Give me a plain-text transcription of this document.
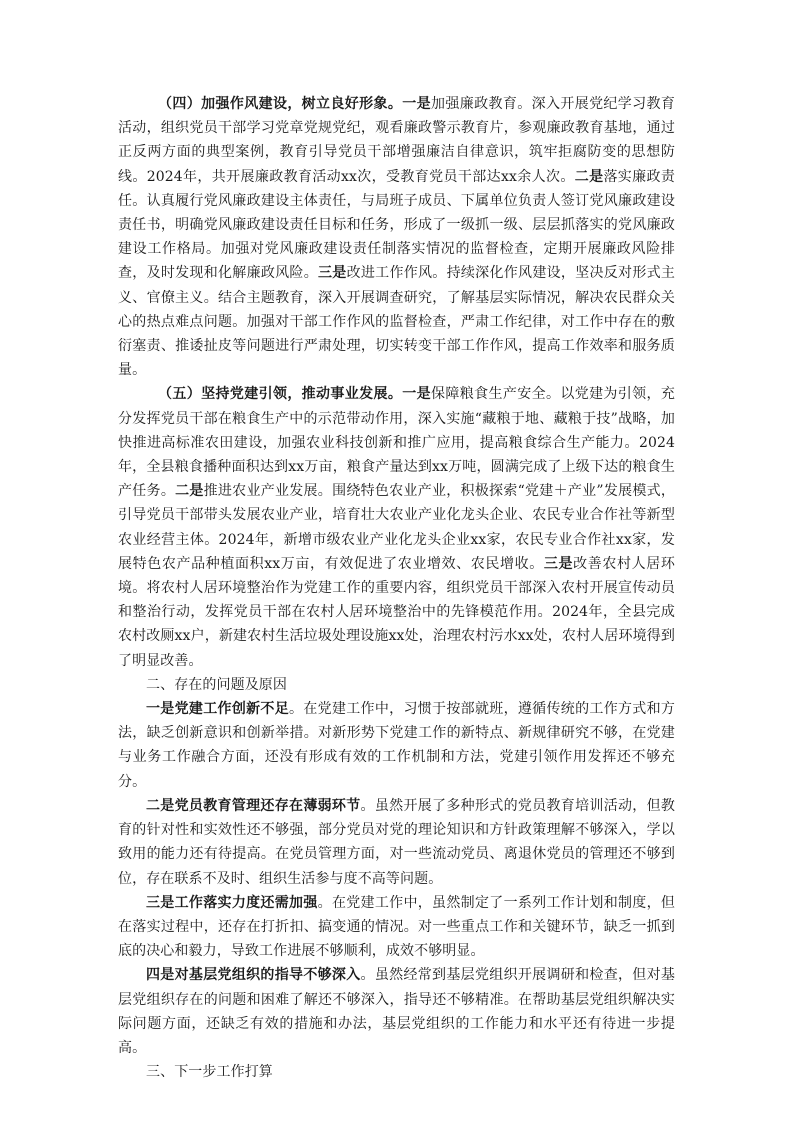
（四）加强作风建设，树立良好形象。一是加强廉政教育。深入开展党纪学习教育活动，组织党员干部学习党章党规党纪，观看廉政警示教育片，参观廉政教育基地，通过正反两方面的典型案例，教育引导党员干部增强廉洁自律意识，筑牢拒腐防变的思想防线。2024年，共开展廉政教育活动xx次，受教育党员干部达xx余人次。二是落实廉政责任。认真履行党风廉政建设主体责任，与局班子成员、下属单位负责人签订党风廉政建设责任书，明确党风廉政建设责任目标和任务，形成了一级抓一级、层层抓落实的党风廉政建设工作格局。加强对党风廉政建设责任制落实情况的监督检查，定期开展廉政风险排查，及时发现和化解廉政风险。三是改进工作作风。持续深化作风建设，坚决反对形式主义、官僚主义。结合主题教育，深入开展调查研究，了解基层实际情况，解决农民群众关心的热点难点问题。加强对干部工作作风的监督检查，严肃工作纪律，对工作中存在的敷衍塞责、推诿扯皮等问题进行严肃处理，切实转变干部工作作风，提高工作效率和服务质量。

（五）坚持党建引领，推动事业发展。一是保障粮食生产安全。以党建为引领，充分发挥党员干部在粮食生产中的示范带动作用，深入实施“藏粮于地、藏粮于技”战略，加快推进高标准农田建设，加强农业科技创新和推广应用，提高粮食综合生产能力。2024年，全县粮食播种面积达到xx万亩，粮食产量达到xx万吨，圆满完成了上级下达的粮食生产任务。二是推进农业产业发展。围绕特色农业产业，积极探索“党建＋产业”发展模式，引导党员干部带头发展农业产业，培育壮大农业产业化龙头企业、农民专业合作社等新型农业经营主体。2024年，新增市级农业产业化龙头企业xx家，农民专业合作社xx家，发展特色农产品种植面积xx万亩，有效促进了农业增效、农民增收。三是改善农村人居环境。将农村人居环境整治作为党建工作的重要内容，组织党员干部深入农村开展宣传动员和整治行动，发挥党员干部在农村人居环境整治中的先锋模范作用。2024年，全县完成农村改厕xx户，新建农村生活垃圾处理设施xx处，治理农村污水xx处，农村人居环境得到了明显改善。

二、存在的问题及原因

一是党建工作创新不足。在党建工作中，习惯于按部就班，遵循传统的工作方式和方法，缺乏创新意识和创新举措。对新形势下党建工作的新特点、新规律研究不够，在党建与业务工作融合方面，还没有形成有效的工作机制和方法，党建引领作用发挥还不够充分。

二是党员教育管理还存在薄弱环节。虽然开展了多种形式的党员教育培训活动，但教育的针对性和实效性还不够强，部分党员对党的理论知识和方针政策理解不够深入，学以致用的能力还有待提高。在党员管理方面，对一些流动党员、离退休党员的管理还不够到位，存在联系不及时、组织生活参与度不高等问题。

三是工作落实力度还需加强。在党建工作中，虽然制定了一系列工作计划和制度，但在落实过程中，还存在打折扣、搞变通的情况。对一些重点工作和关键环节，缺乏一抓到底的决心和毅力，导致工作进展不够顺利，成效不够明显。

四是对基层党组织的指导不够深入。虽然经常到基层党组织开展调研和检查，但对基层党组织存在的问题和困难了解还不够深入，指导还不够精准。在帮助基层党组织解决实际问题方面，还缺乏有效的措施和办法，基层党组织的工作能力和水平还有待进一步提高。

三、下一步工作打算
